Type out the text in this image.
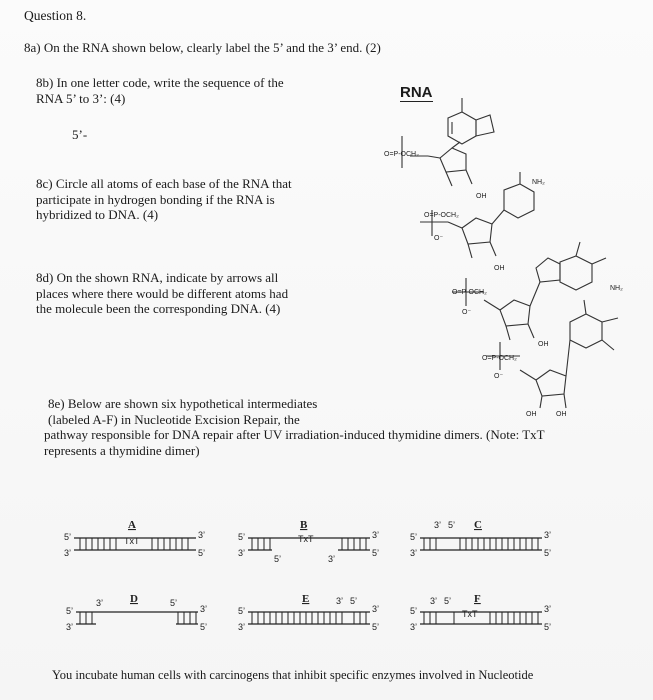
Question 8.
8a) On the RNA shown below, clearly label the 5’ and the 3’ end. (2)
8b) In one letter code, write the sequence of the
RNA 5’ to 3’: (4)
5’-
8c) Circle all atoms of each base of the RNA that
participate in hydrogen bonding if the RNA is
hybridized to DNA. (4)
8d) On the shown RNA, indicate by arrows all
places where there would be different atoms had
the molecule been the corresponding DNA. (4)
8e) Below are shown six hypothetical intermediates
(labeled A-F) in Nucleotide Excision Repair, the
pathway responsible for DNA repair after UV irradiation-induced thymidine dimers. (Note: TxT
represents a thymidine dimer)
RNA
O=P-OCH₂
O=P-OCH₂
O=P-OCH₂
O=P-OCH₂
O⁻
O⁻
O⁻
NH₂
NH₂
OH
OH
OH
OH	OH
A	B	C
D	E	F
TxT	TxT
TxT
5’
3’
3’
5’
5’
3’
5’	3’
3’
5’
5’
3’
3’ 5’
3’
5’
5’
3’
3’	5’
3’
5’
5’
3’
3’ 5’
3’
5’
5’
3’
3’ 5’
3’
5’
You incubate human cells with carcinogens that inhibit specific enzymes involved in Nucleotide
